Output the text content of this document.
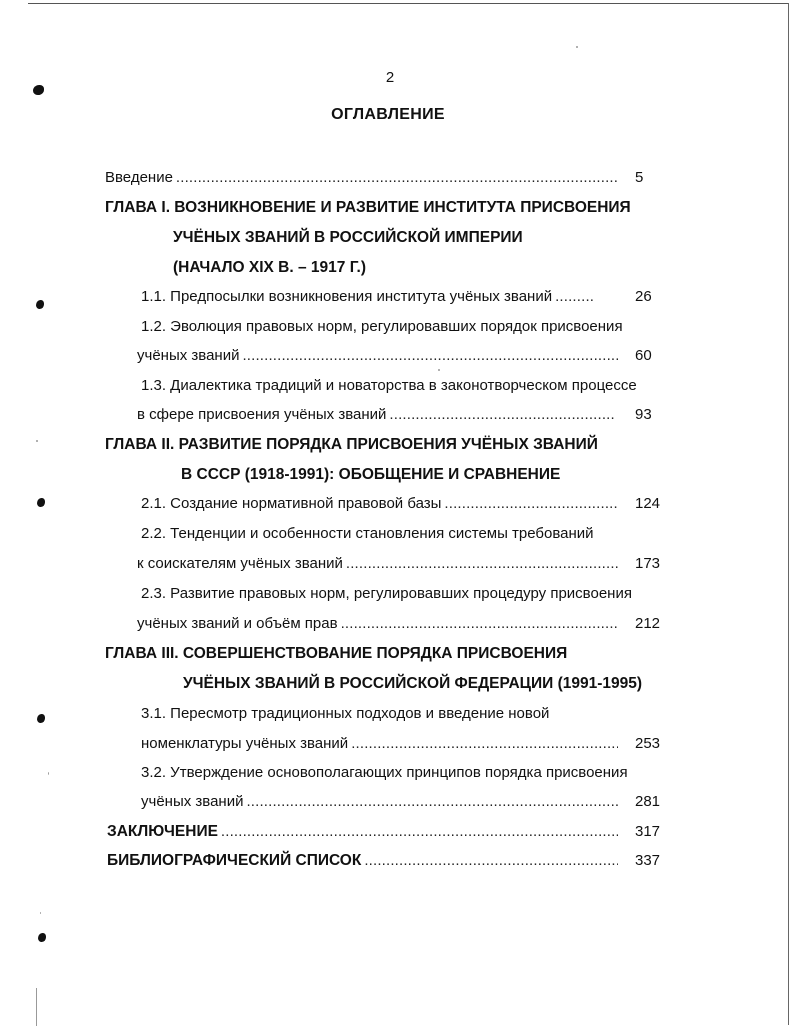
2
ОГЛАВЛЕНИЕ
Введение . . .	5
ГЛАВА I. ВОЗНИКНОВЕНИЕ И РАЗВИТИЕ ИНСТИТУТА ПРИСВОЕНИЯ
УЧЁНЫХ ЗВАНИЙ В РОССИЙСКОЙ ИМПЕРИИ
(НАЧАЛО XIX В. – 1917 Г.)
1.1. Предпосылки возникновения института учёных званий . . .	26
1.2. Эволюция правовых норм, регулировавших порядок присвоения
учёных званий . . .	60
1.3. Диалектика традиций и новаторства в законотворческом процессе
в сфере присвоения учёных званий . . .	93
ГЛАВА II. РАЗВИТИЕ ПОРЯДКА ПРИСВОЕНИЯ УЧЁНЫХ ЗВАНИЙ
В СССР (1918-1991): ОБОБЩЕНИЕ И СРАВНЕНИЕ
2.1. Создание нормативной правовой базы . . .	124
2.2. Тенденции и особенности становления системы требований
к соискателям учёных званий . . .	173
2.3. Развитие правовых норм, регулировавших процедуру присвоения
учёных званий и объём прав . . .	212
ГЛАВА III. СОВЕРШЕНСТВОВАНИЕ ПОРЯДКА ПРИСВОЕНИЯ
УЧЁНЫХ ЗВАНИЙ В РОССИЙСКОЙ ФЕДЕРАЦИИ (1991-1995)
3.1. Пересмотр традиционных подходов и введение новой
номенклатуры учёных званий . . .	253
3.2. Утверждение основополагающих принципов порядка присвоения
учёных званий . . .	281
ЗАКЛЮЧЕНИЕ . . .	317
БИБЛИОГРАФИЧЕСКИЙ СПИСОК . . .	337
